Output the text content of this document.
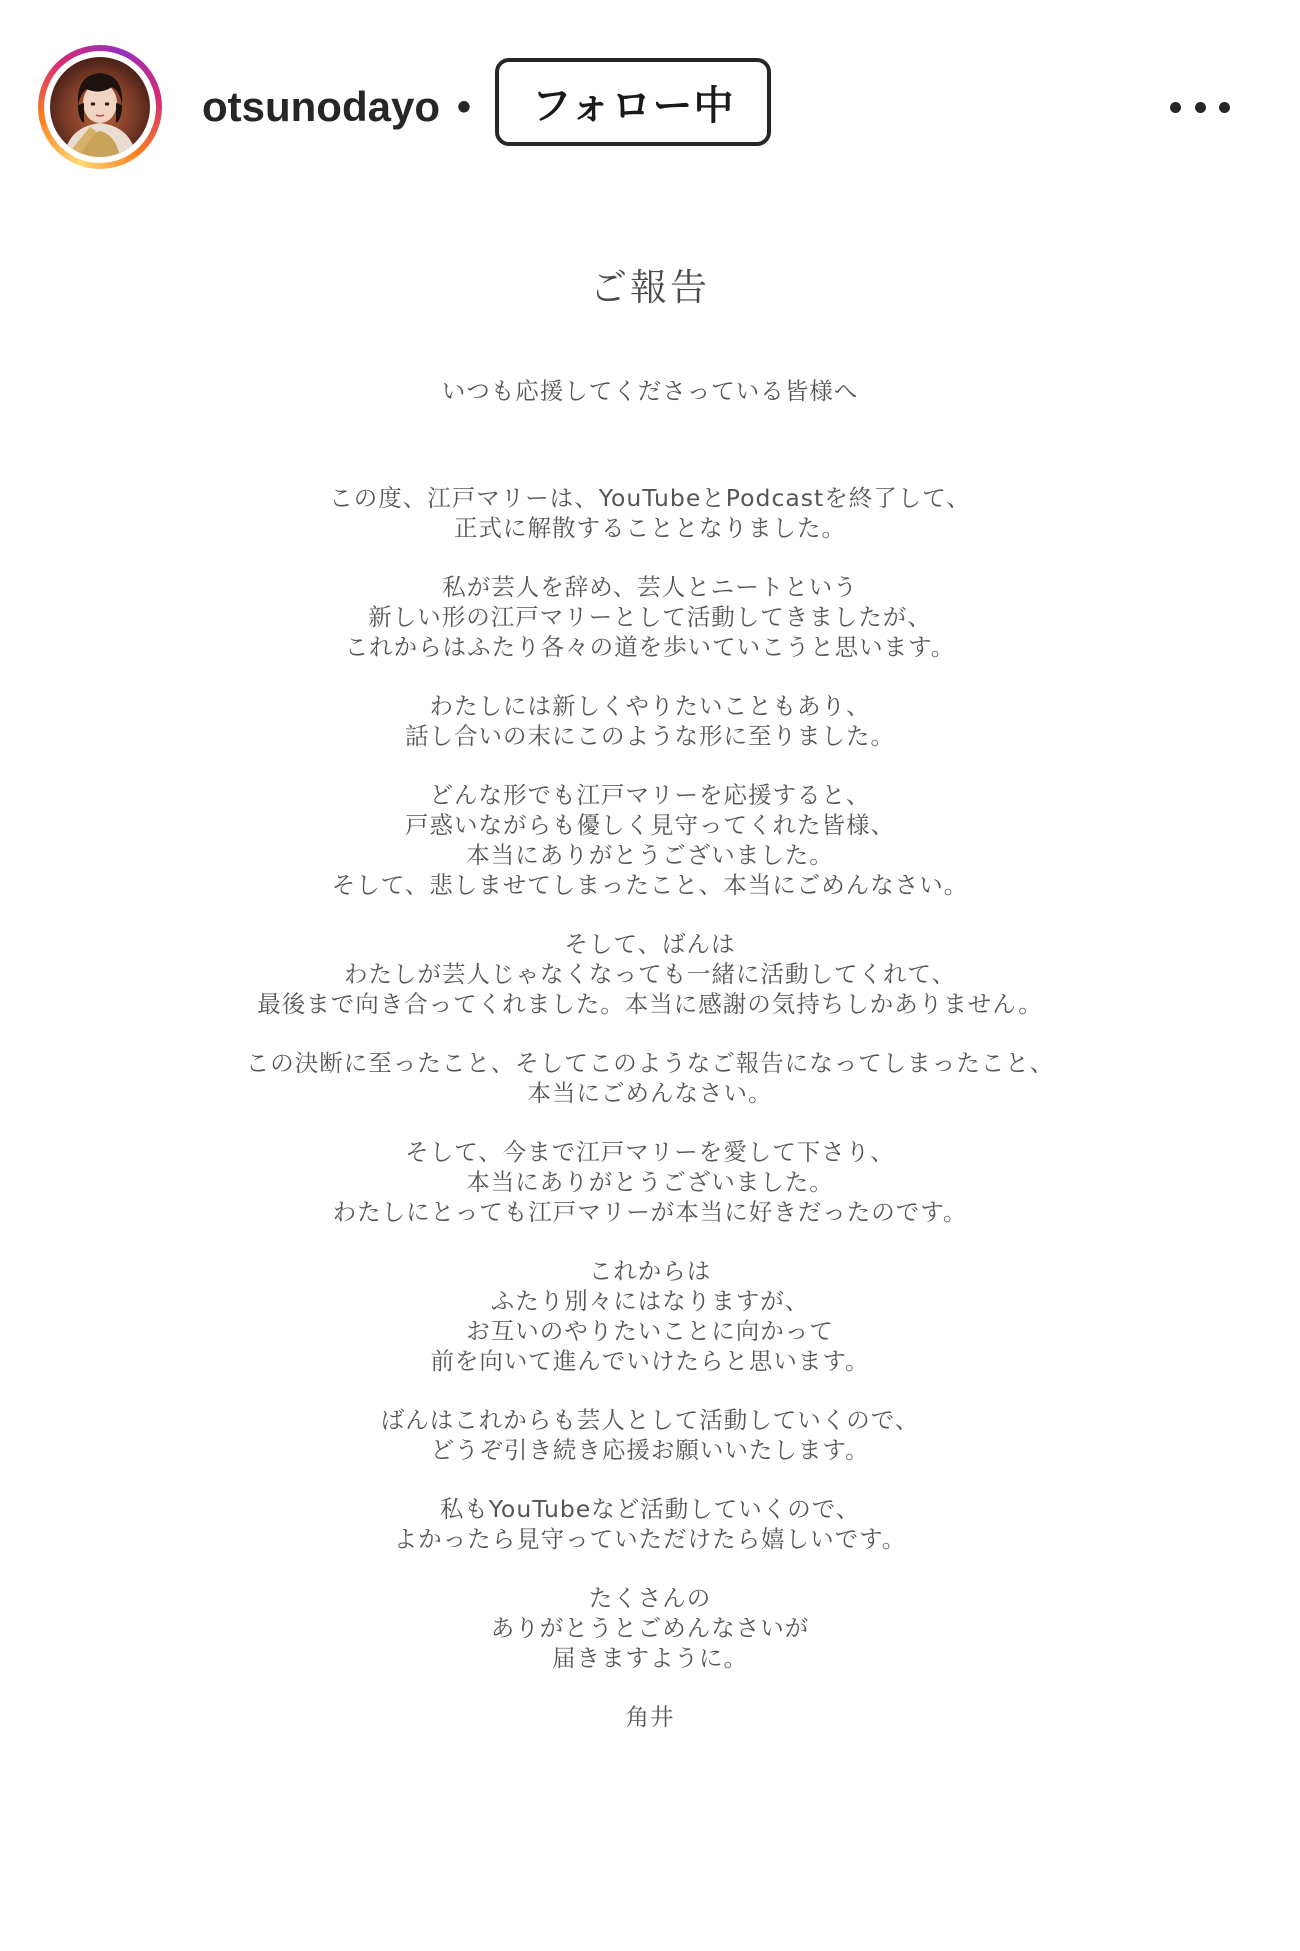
otsunodayo •	フォロー中
ご報告

いつも応援してくださっている皆様へ

この度、江戸マリーは、YouTubeとPodcastを終了して、
正式に解散することとなりました。

私が芸人を辞め、芸人とニートという
新しい形の江戸マリーとして活動してきましたが、
これからはふたり各々の道を歩いていこうと思います。

わたしには新しくやりたいこともあり、
話し合いの末にこのような形に至りました。

どんな形でも江戸マリーを応援すると、
戸惑いながらも優しく見守ってくれた皆様、
本当にありがとうございました。
そして、悲しませてしまったこと、本当にごめんなさい。

そして、ばんは
わたしが芸人じゃなくなっても一緒に活動してくれて、
最後まで向き合ってくれました。本当に感謝の気持ちしかありません。

この決断に至ったこと、そしてこのようなご報告になってしまったこと、
本当にごめんなさい。

そして、今まで江戸マリーを愛して下さり、
本当にありがとうございました。
わたしにとっても江戸マリーが本当に好きだったのです。

これからは
ふたり別々にはなりますが、
お互いのやりたいことに向かって
前を向いて進んでいけたらと思います。

ばんはこれからも芸人として活動していくので、
どうぞ引き続き応援お願いいたします。

私もYouTubeなど活動していくので、
よかったら見守っていただけたら嬉しいです。

たくさんの
ありがとうとごめんなさいが
届きますように。

角井
